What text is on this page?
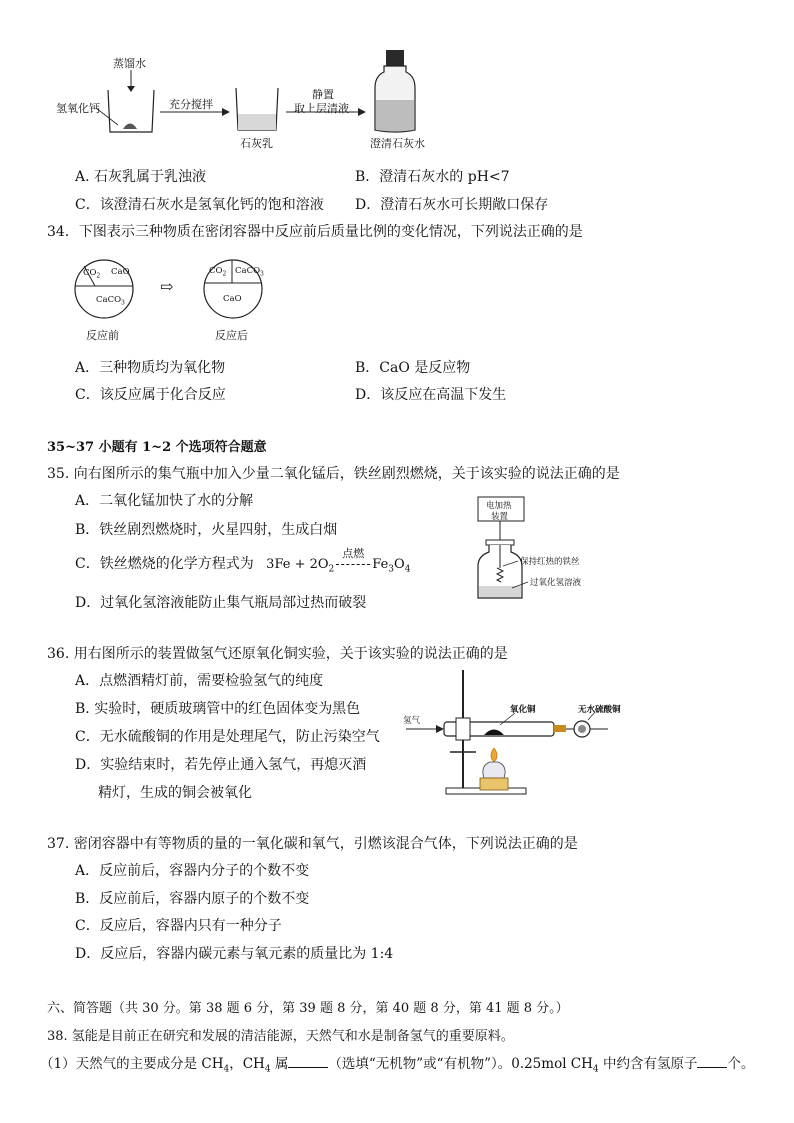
蒸馏水
氢氧化钙	充分搅拌
石灰乳
静置
取上层清液
澄清石灰水
A. 石灰乳属于乳浊液	B．澄清石灰水的 pH<7
C．该澄清石灰水是氢氧化钙的饱和溶液 D．澄清石灰水可长期敞口保存
34．下图表示三种物质在密闭容器中反应前后质量比例的变化情况，下列说法正确的是
$CO_2$ CaO
CaCO$_3$
反应前
⇨
$CO_2$ CaCO$_3$
CaO
反应后
A．三种物质均为氧化物	B．CaO 是反应物
C．该反应属于化合反应	D．该反应在高温下发生
35~37 小题有 1~2 个选项符合题意
35. 向右图所示的集气瓶中加入少量二氧化锰后，铁丝剧烈燃烧，关于该实验的说法正确的是
A．二氧化锰加快了水的分解
B．铁丝剧烈燃烧时，火星四射，生成白烟
C．铁丝燃烧的化学方程式为 $3Fe + 2O_2$
点燃
$Fe_3O_4$
D．过氧化氢溶液能防止集气瓶局部过热而破裂
电加热
装置
保持红热的铁丝
过氧化氢溶液
36. 用右图所示的装置做氢气还原氧化铜实验，关于该实验的说法正确的是
A．点燃酒精灯前，需要检验氢气的纯度
B. 实验时，硬质玻璃管中的红色固体变为黑色
C．无水硫酸铜的作用是处理尾气，防止污染空气
D．实验结束时，若先停止通入氢气，再熄灭酒
精灯，生成的铜会被氧化
氢气
氧化铜	无水硫酸铜
37. 密闭容器中有等物质的量的一氧化碳和氧气，引燃该混合气体，下列说法正确的是
A．反应前后，容器内分子的个数不变
B．反应前后，容器内原子的个数不变
C．反应后，容器内只有一种分子
D．反应后，容器内碳元素与氧元素的质量比为 1:4
六、简答题（共 30 分。第 38 题 6 分，第 39 题 8 分，第 40 题 8 分，第 41 题 8 分。）
38. 氢能是目前正在研究和发展的清洁能源，天然气和水是制备氢气的重要原料。
（1）天然气的主要成分是 $CH_4$，$CH_4$ 属	（选填“无机物”或“有机物”）。0.25mol $CH_4$ 中约含有氢原子 个。
